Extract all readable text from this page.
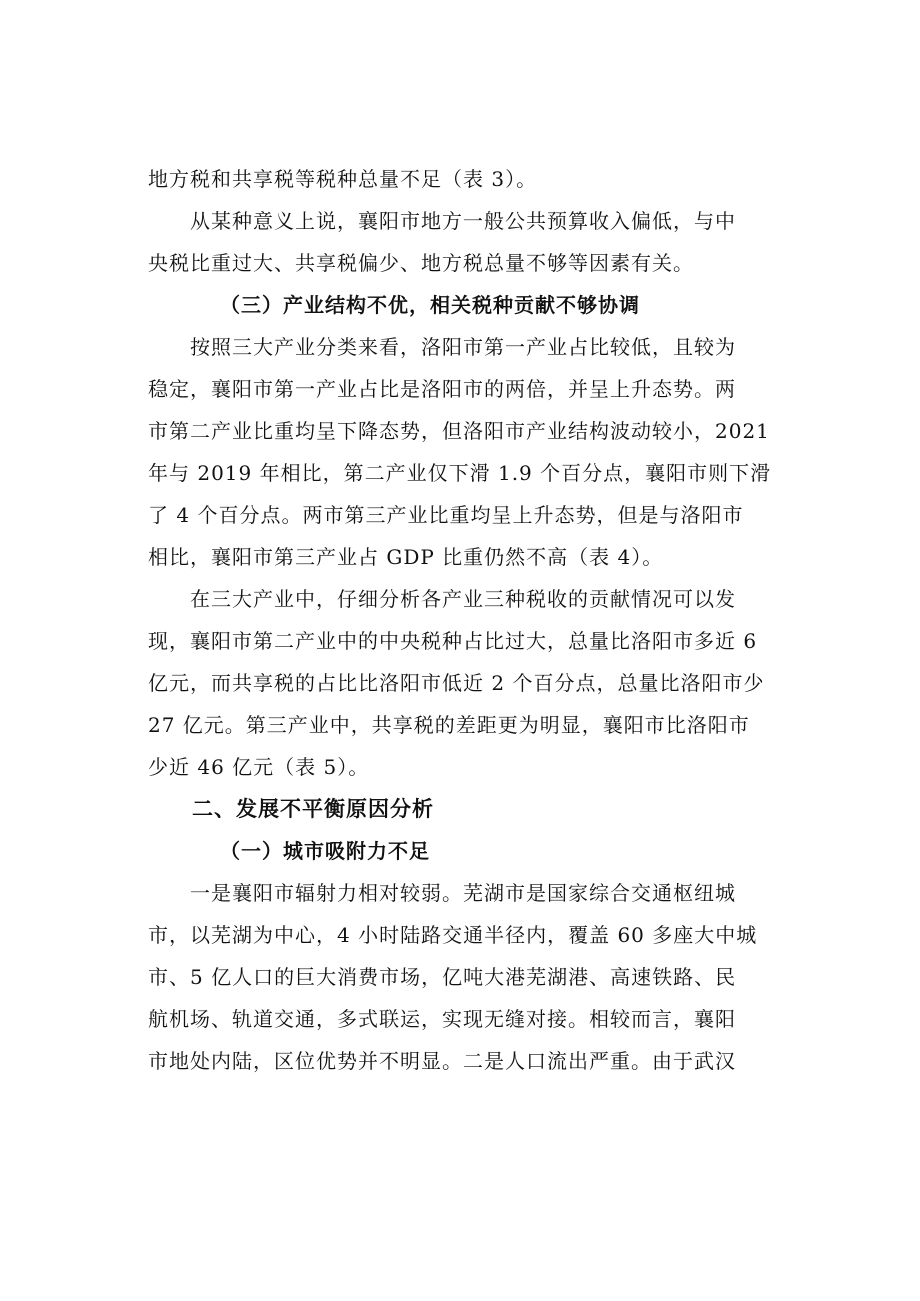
地方税和共享税等税种总量不足（表 3）。
从某种意义上说，襄阳市地方一般公共预算收入偏低，与中
央税比重过大、共享税偏少、地方税总量不够等因素有关。
（三）产业结构不优，相关税种贡献不够协调
按照三大产业分类来看，洛阳市第一产业占比较低，且较为
稳定，襄阳市第一产业占比是洛阳市的两倍，并呈上升态势。两
市第二产业比重均呈下降态势，但洛阳市产业结构波动较小，2021
年与 2019 年相比，第二产业仅下滑 1.9 个百分点，襄阳市则下滑
了 4 个百分点。两市第三产业比重均呈上升态势，但是与洛阳市
相比，襄阳市第三产业占 GDP 比重仍然不高（表 4）。
在三大产业中，仔细分析各产业三种税收的贡献情况可以发
现，襄阳市第二产业中的中央税种占比过大，总量比洛阳市多近 6
亿元，而共享税的占比比洛阳市低近 2 个百分点，总量比洛阳市少
27 亿元。第三产业中，共享税的差距更为明显，襄阳市比洛阳市
少近 46 亿元（表 5）。
二、发展不平衡原因分析
（一）城市吸附力不足
一是襄阳市辐射力相对较弱。芜湖市是国家综合交通枢纽城
市，以芜湖为中心，4 小时陆路交通半径内，覆盖 60 多座大中城
市、5 亿人口的巨大消费市场，亿吨大港芜湖港、高速铁路、民
航机场、轨道交通，多式联运，实现无缝对接。相较而言，襄阳
市地处内陆，区位优势并不明显。二是人口流出严重。由于武汉
